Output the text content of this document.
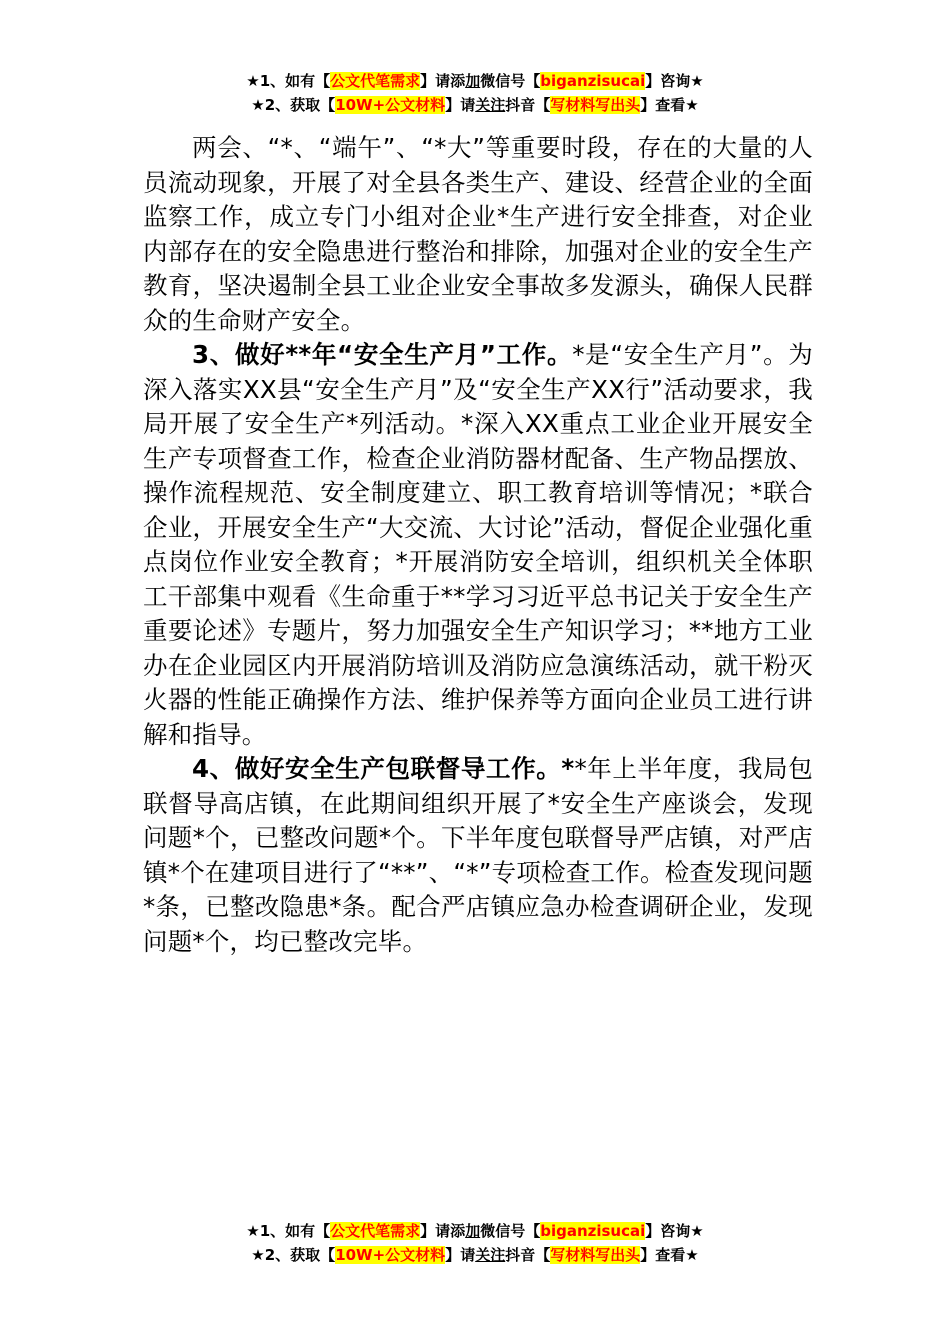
★1、如有【公文代笔需求】请添加微信号【biganzisucai】咨询★
★2、获取【10W+公文材料】请关注抖音【写材料写出头】查看★

两会、“*、“端午”、“*大”等重要时段，存在的大量的人员流动现象，开展了对全县各类生产、建设、经营企业的全面监察工作，成立专门小组对企业*生产进行安全排查，对企业内部存在的安全隐患进行整治和排除，加强对企业的安全生产教育，坚决遏制全县工业企业安全事故多发源头，确保人民群众的生命财产安全。

3、做好**年“安全生产月”工作。*是“安全生产月”。为深入落实XX县“安全生产月”及“安全生产XX行”活动要求，我局开展了安全生产*列活动。*深入XX重点工业企业开展安全生产专项督查工作，检查企业消防器材配备、生产物品摆放、操作流程规范、安全制度建立、职工教育培训等情况；*联合企业，开展安全生产“大交流、大讨论”活动，督促企业强化重点岗位作业安全教育；*开展消防安全培训，组织机关全体职工干部集中观看《生命重于**学习习近平总书记关于安全生产重要论述》专题片，努力加强安全生产知识学习；**地方工业办在企业园区内开展消防培训及消防应急演练活动，就干粉灭火器的性能正确操作方法、维护保养等方面向企业员工进行讲解和指导。

4、做好安全生产包联督导工作。**年上半年度，我局包联督导高店镇，在此期间组织开展了*安全生产座谈会，发现问题*个，已整改问题*个。下半年度包联督导严店镇，对严店镇*个在建项目进行了“**”、“*”专项检查工作。检查发现问题*条，已整改隐患*条。配合严店镇应急办检查调研企业，发现问题*个，均已整改完毕。

★1、如有【公文代笔需求】请添加微信号【biganzisucai】咨询★
★2、获取【10W+公文材料】请关注抖音【写材料写出头】查看★
